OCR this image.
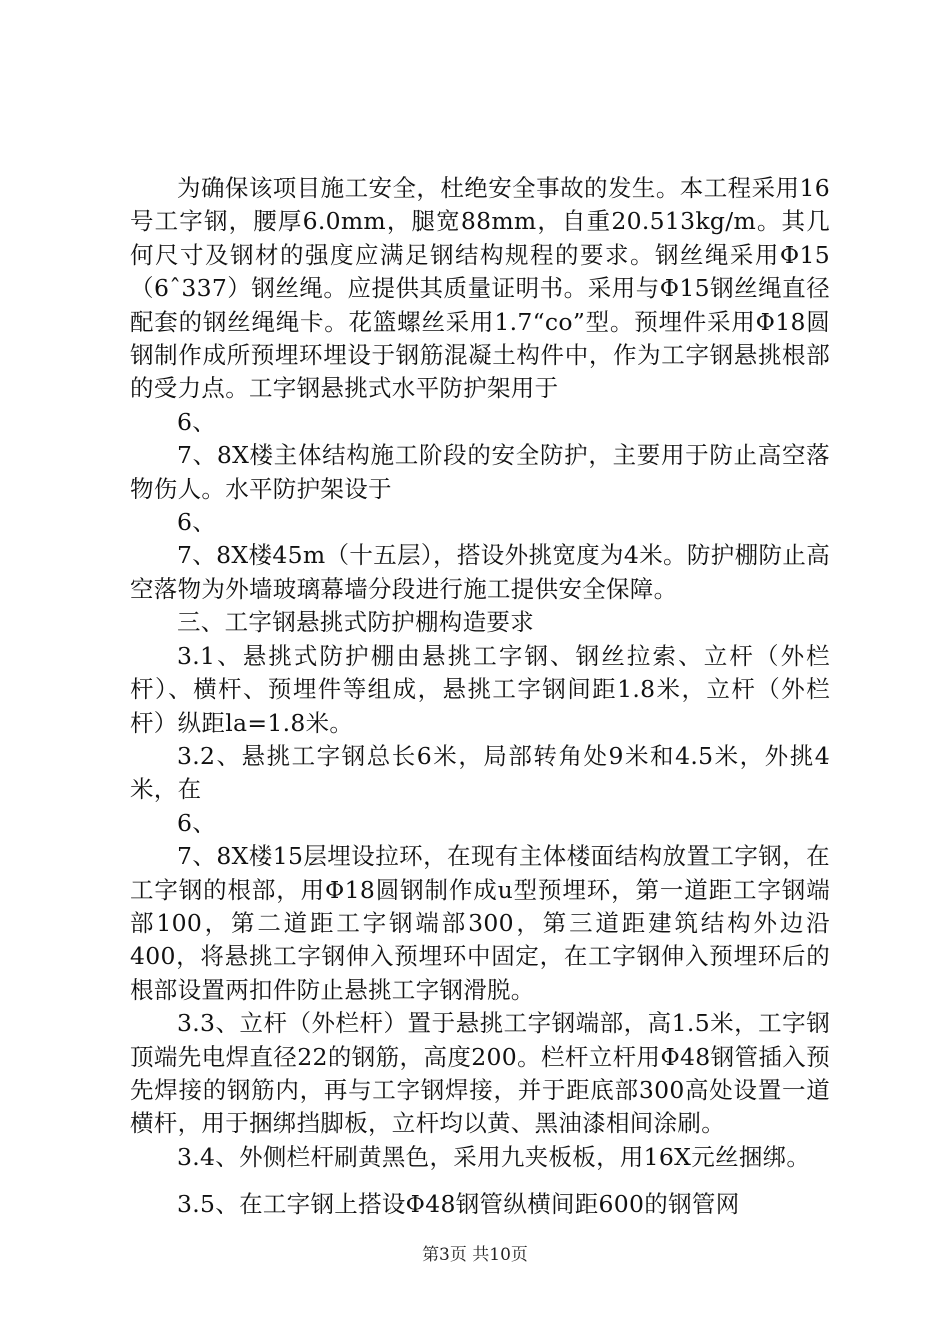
为确保该项目施工安全，杜绝安全事故的发生。本工程采用16号工字钢，腰厚6.0mm，腿宽88mm，自重20.513kg/m。其几何尺寸及钢材的强度应满足钢结构规程的要求。钢丝绳采用Φ15（6ˆ337）钢丝绳。应提供其质量证明书。采用与Φ15钢丝绳直径配套的钢丝绳绳卡。花篮螺丝采用1.7“co”型。预埋件采用Φ18圆钢制作成所预埋环埋设于钢筋混凝土构件中，作为工字钢悬挑根部的受力点。工字钢悬挑式水平防护架用于

6、

7、8X楼主体结构施工阶段的安全防护，主要用于防止高空落物伤人。水平防护架设于

6、

7、8X楼45m（十五层），搭设外挑宽度为4米。防护棚防止高空落物为外墙玻璃幕墙分段进行施工提供安全保障。

三、工字钢悬挑式防护棚构造要求

3.1、悬挑式防护棚由悬挑工字钢、钢丝拉索、立杆（外栏杆）、横杆、预埋件等组成，悬挑工字钢间距1.8米，立杆（外栏杆）纵距la=1.8米。

3.2、悬挑工字钢总长6米，局部转角处9米和4.5米，外挑4米，在

6、

7、8X楼15层埋设拉环，在现有主体楼面结构放置工字钢，在工字钢的根部，用Φ18圆钢制作成u型预埋环，第一道距工字钢端部100，第二道距工字钢端部300，第三道距建筑结构外边沿400，将悬挑工字钢伸入预埋环中固定，在工字钢伸入预埋环后的根部设置两扣件防止悬挑工字钢滑脱。

3.3、立杆（外栏杆）置于悬挑工字钢端部，高1.5米，工字钢顶端先电焊直径22的钢筋，高度200。栏杆立杆用Φ48钢管插入预先焊接的钢筋内，再与工字钢焊接，并于距底部300高处设置一道横杆，用于捆绑挡脚板，立杆均以黄、黑油漆相间涂刷。

3.4、外侧栏杆刷黄黑色，采用九夹板板，用16X元丝捆绑。

3.5、在工字钢上搭设Φ48钢管纵横间距600的钢管网

第3页 共10页
